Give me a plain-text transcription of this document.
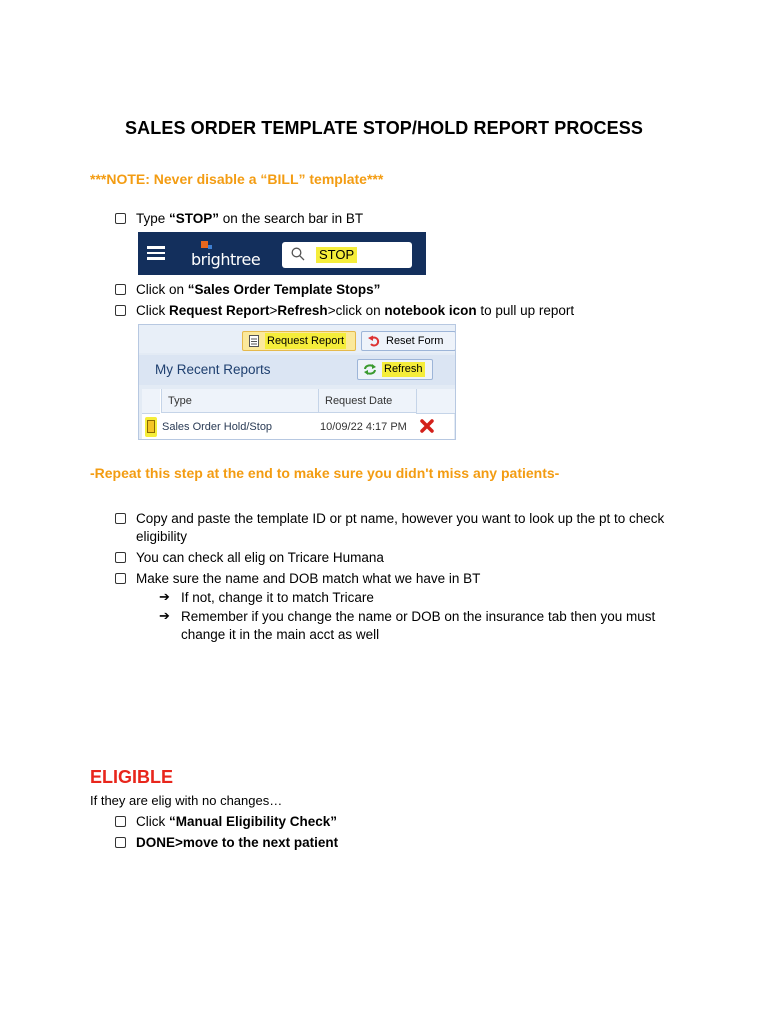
SALES ORDER TEMPLATE STOP/HOLD REPORT PROCESS
***NOTE: Never disable a “BILL” template***
Type “STOP” on the search bar in BT
brightree	STOP
Click on “Sales Order Template Stops”
Click Request Report>Refresh>click on notebook icon to pull up report
Request Report	Reset Form
My Recent Reports	Refresh
Type	Request Date
Sales Order Hold/Stop	10/09/22 4:17 PM
-Repeat this step at the end to make sure you didn't miss any patients-
Copy and paste the template ID or pt name, however you want to look up the pt to check
eligibility
You can check all elig on Tricare Humana
Make sure the name and DOB match what we have in BT
➔ If not, change it to match Tricare
➔ Remember if you change the name or DOB on the insurance tab then you must
change it in the main acct as well
ELIGIBLE
If they are elig with no changes…
Click “Manual Eligibility Check”
DONE>move to the next patient
